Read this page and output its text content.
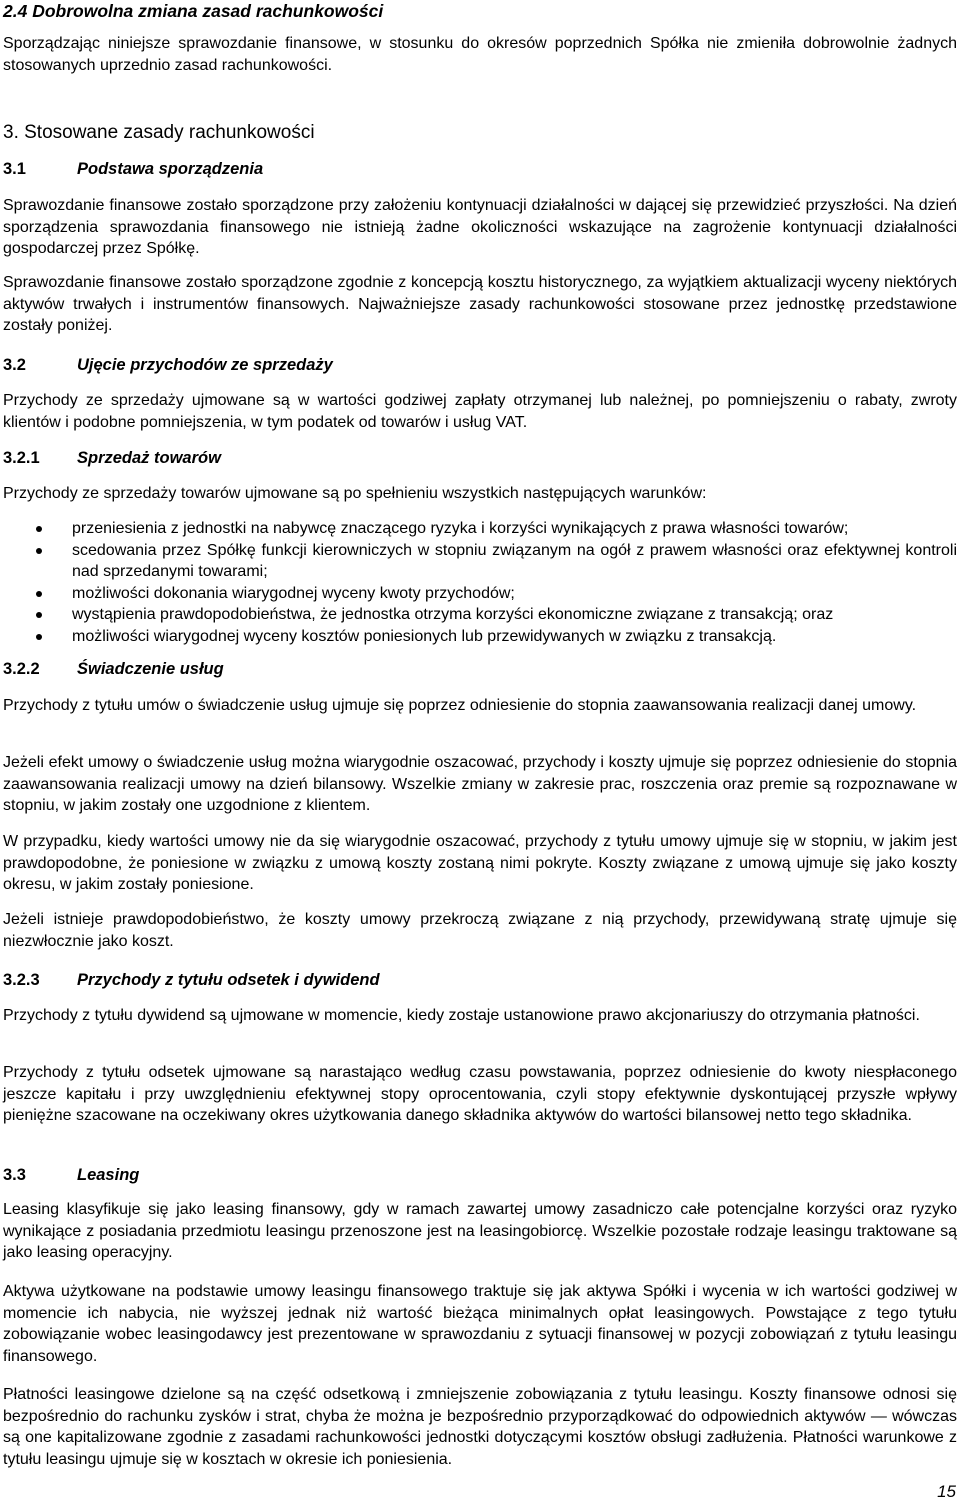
2.4 Dobrowolna zmiana zasad rachunkowości

Sporządzając niniejsze sprawozdanie finansowe, w stosunku do okresów poprzednich Spółka nie zmieniła dobrowolnie żadnych stosowanych uprzednio zasad rachunkowości.

3. Stosowane zasady rachunkowości
3.1	Podstawa sporządzenia

Sprawozdanie finansowe zostało sporządzone przy założeniu kontynuacji działalności w dającej się przewidzieć przyszłości. Na dzień sporządzenia sprawozdania finansowego nie istnieją żadne okoliczności wskazujące na zagrożenie kontynuacji działalności gospodarczej przez Spółkę.

Sprawozdanie finansowe zostało sporządzone zgodnie z koncepcją kosztu historycznego, za wyjątkiem aktualizacji wyceny niektórych aktywów trwałych i instrumentów finansowych. Najważniejsze zasady rachunkowości stosowane przez jednostkę przedstawione zostały poniżej.

3.2	Ujęcie przychodów ze sprzedaży

Przychody ze sprzedaży ujmowane są w wartości godziwej zapłaty otrzymanej lub należnej, po pomniejszeniu o rabaty, zwroty klientów i podobne pomniejszenia, w tym podatek od towarów i usług VAT.

3.2.1 Sprzedaż towarów

Przychody ze sprzedaży towarów ujmowane są po spełnieniu wszystkich następujących warunków:

przeniesienia z jednostki na nabywcę znaczącego ryzyka i korzyści wynikających z prawa własności towarów;
scedowania przez Spółkę funkcji kierowniczych w stopniu związanym na ogół z prawem własności oraz efektywnej kontroli nad sprzedanymi towarami;
możliwości dokonania wiarygodnej wyceny kwoty przychodów;
wystąpienia prawdopodobieństwa, że jednostka otrzyma korzyści ekonomiczne związane z transakcją; oraz
możliwości wiarygodnej wyceny kosztów poniesionych lub przewidywanych w związku z transakcją.
3.2.2 Świadczenie usług

Przychody z tytułu umów o świadczenie usług ujmuje się poprzez odniesienie do stopnia zaawansowania realizacji danej umowy.

Jeżeli efekt umowy o świadczenie usług można wiarygodnie oszacować, przychody i koszty ujmuje się poprzez odniesienie do stopnia zaawansowania realizacji umowy na dzień bilansowy. Wszelkie zmiany w zakresie prac, roszczenia oraz premie są rozpoznawane w stopniu, w jakim zostały one uzgodnione z klientem.

W przypadku, kiedy wartości umowy nie da się wiarygodnie oszacować, przychody z tytułu umowy ujmuje się w stopniu, w jakim jest prawdopodobne, że poniesione w związku z umową koszty zostaną nimi pokryte. Koszty związane z umową ujmuje się jako koszty okresu, w jakim zostały poniesione.

Jeżeli istnieje prawdopodobieństwo, że koszty umowy przekroczą związane z nią przychody, przewidywaną stratę ujmuje się niezwłocznie jako koszt.

3.2.3 Przychody z tytułu odsetek i dywidend

Przychody z tytułu dywidend są ujmowane w momencie, kiedy zostaje ustanowione prawo akcjonariuszy do otrzymania płatności.

Przychody z tytułu odsetek ujmowane są narastająco według czasu powstawania, poprzez odniesienie do kwoty niespłaconego jeszcze kapitału i przy uwzględnieniu efektywnej stopy oprocentowania, czyli stopy efektywnie dyskontującej przyszłe wpływy pieniężne szacowane na oczekiwany okres użytkowania danego składnika aktywów do wartości bilansowej netto tego składnika.

3.3	Leasing

Leasing klasyfikuje się jako leasing finansowy, gdy w ramach zawartej umowy zasadniczo całe potencjalne korzyści oraz ryzyko wynikające z posiadania przedmiotu leasingu przenoszone jest na leasingobiorcę. Wszelkie pozostałe rodzaje leasingu traktowane są jako leasing operacyjny.

Aktywa użytkowane na podstawie umowy leasingu finansowego traktuje się jak aktywa Spółki i wycenia w ich wartości godziwej w momencie ich nabycia, nie wyższej jednak niż wartość bieżąca minimalnych opłat leasingowych. Powstające z tego tytułu zobowiązanie wobec leasingodawcy jest prezentowane w sprawozdaniu z sytuacji finansowej w pozycji zobowiązań z tytułu leasingu finansowego.

Płatności leasingowe dzielone są na część odsetkową i zmniejszenie zobowiązania z tytułu leasingu. Koszty finansowe odnosi się bezpośrednio do rachunku zysków i strat, chyba że można je bezpośrednio przyporządkować do odpowiednich aktywów — wówczas są one kapitalizowane zgodnie z zasadami rachunkowości jednostki dotyczącymi kosztów obsługi zadłużenia. Płatności warunkowe z tytułu leasingu ujmuje się w kosztach w okresie ich poniesienia.

15
